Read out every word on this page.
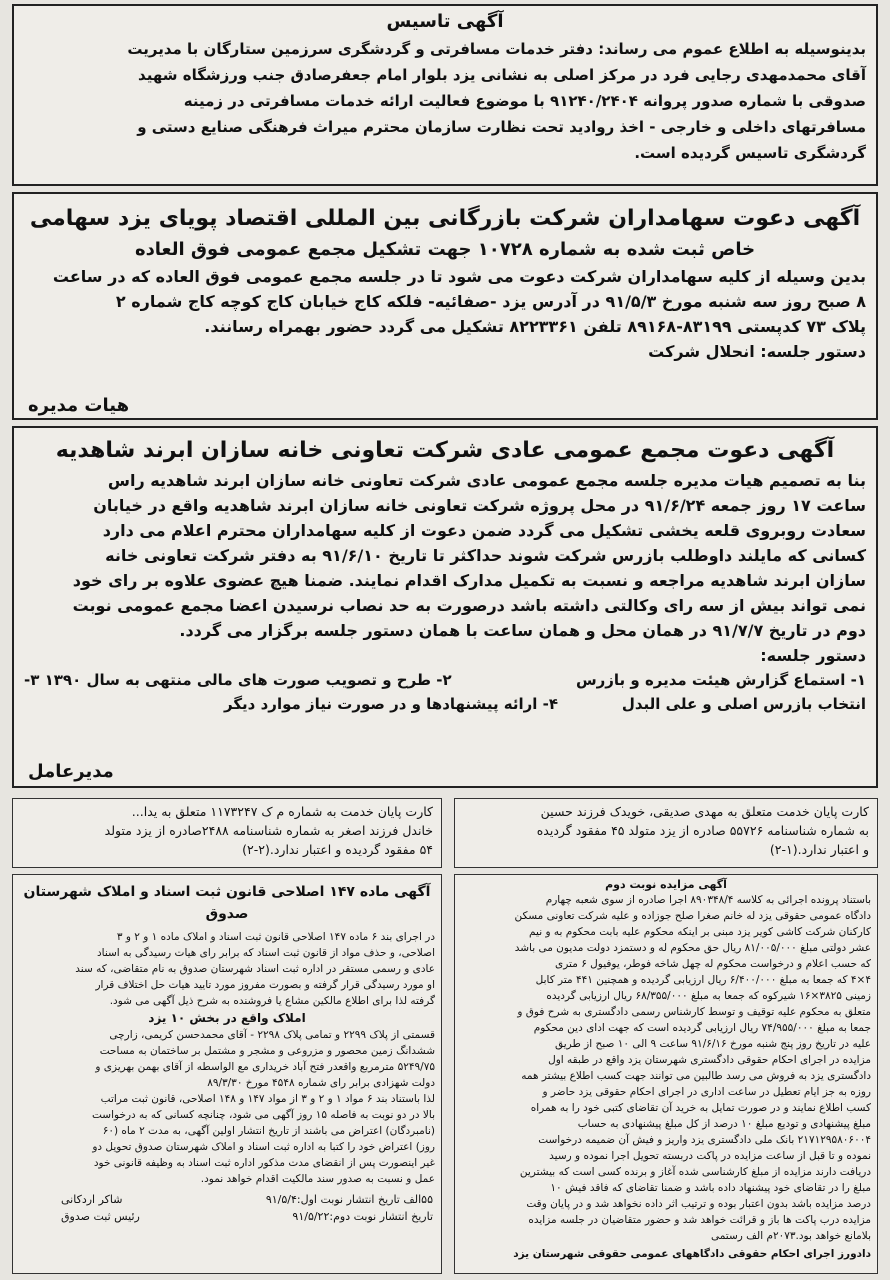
آگهی تاسیس
بدینوسیله به اطلاع عموم می رساند: دفتر خدمات مسافرتی و گردشگری سرزمین ستارگان با مدیریت
آقای محمدمهدی رجایی فرد در مرکز اصلی به نشانی یزد بلوار امام جعفرصادق جنب ورزشگاه شهید
صدوقی با شماره صدور پروانه ۹۱۲۴۰/۲۴۰۴ با موضوع فعالیت ارائه خدمات مسافرتی در زمینه
مسافرتهای داخلی و خارجی - اخذ رواديد تحت نظارت سازمان محترم میراث فرهنگی صنایع دستی و
گردشگری تاسیس گردیده است.
آگهی دعوت سهامداران شرکت بازرگانی بین المللی اقتصاد پویای یزد سهامی
خاص ثبت شده به شماره ۱۰۷۲۸ جهت تشکیل مجمع عمومی فوق العاده
بدین وسیله از کلیه سهامداران شرکت دعوت می شود تا در جلسه مجمع عمومی فوق العاده که در ساعت
۸ صبح روز سه شنبه مورخ ۹۱/۵/۳ در آدرس یزد -صفائیه- فلکه کاج خیابان کاج کوچه کاج شماره ۲
پلاک ۷۳ کدپستی ۸۳۱۹۹-۸۹۱۶۸ تلفن ۸۲۲۳۳۶۱ تشکیل می گردد حضور بهمراه رسانند.
دستور جلسه: انحلال شرکت
هیات مدیره
آگهی دعوت مجمع عمومی عادی شرکت تعاونی خانه سازان ابرند شاهدیه
بنا به تصمیم هیات مدیره جلسه مجمع عمومی عادی شرکت تعاونی خانه سازان ابرند شاهدیه راس
ساعت ۱۷ روز جمعه ۹۱/۶/۲۴ در محل پروژه شرکت تعاونی خانه سازان ابرند شاهدیه واقع در خیابان
سعادت روبروی قلعه یخشی تشکیل می گردد ضمن دعوت از کلیه سهامداران محترم اعلام می دارد
کسانی که مایلند داوطلب بازرس شرکت شوند حداکثر تا تاریخ ۹۱/۶/۱۰ به دفتر شرکت تعاونی خانه
سازان ابرند شاهدیه مراجعه و نسبت به تکمیل مدارک اقدام نمایند. ضمنا هیچ عضوی علاوه بر رای خود
نمی تواند بیش از سه رای وکالتی داشته باشد درصورت به حد نصاب نرسیدن اعضا مجمع عمومی نوبت
دوم در تاریخ ۹۱/۷/۷ در همان محل و همان ساعت با همان دستور جلسه برگزار می گردد.
دستور جلسه:
۱- استماع گزارش هیئت مدیره و بازرس
۲- طرح و تصویب صورت های مالی منتهی به سال ۱۳۹۰ ۳-
انتخاب بازرس اصلی و علی البدل
۴- ارائه پیشنهادها و در صورت نیاز موارد دیگر
مدیرعامل
کارت پایان خدمت متعلق به مهدی صدیقی، خویدک فرزند حسین
به شماره شناسنامه ۵۵۷۲۶ صادره از یزد متولد ۴۵ مفقود گردیده
و اعتبار ندارد.(۱-۲)
کارت پایان خدمت به شماره م ک ۱۱۷۳۲۴۷ متعلق به یدا...
خاندل فرزند اصغر به شماره شناسنامه ۲۴۸۸صادره از یزد متولد
۵۴ مفقود گردیده و اعتبار ندارد.(۲-۲)
آگهی مزایده نوبت دوم
باستناد پرونده اجرائی به کلاسه ۸۹۰۳۴۸/۴ اجرا صادره از سوی شعبه چهارم
دادگاه عمومی حقوقی یزد له خانم صغرا صلح جوزاده و علیه شرکت تعاونی مسکن
کارکنان شرکت کاشی کویر یزد مبنی بر اینکه محکوم علیه بابت محکوم به و نیم
عشر دولتی مبلغ ۸۱/۰۰۵/۰۰۰ ریال حق محکوم له و دستمزد دولت مدیون می باشد
که حسب اعلام و درخواست محکوم له چهل شاخه فوطر، یوفیول ۶ متری
۴×۴ که جمعا به مبلغ ۶/۴۰۰/۰۰۰ ریال ارزیابی گردیده و همچنین ۴۴۱ متر کابل
زمینی ۳۸۲۵×۱۶ شیرکوه که جمعا به مبلغ ۶۸/۳۵۵/۰۰۰ ریال ارزیابی گردیده
متعلق به محکوم علیه توقیف و توسط کارشناس رسمی دادگستری به شرح فوق و
جمعا به مبلغ ۷۴/۹۵۵/۰۰۰ ریال ارزیابی گردیده است که جهت ادای دین محکوم
علیه در تاریخ روز پنج شنبه مورخ ۹۱/۶/۱۶ ساعت ۹ الی ۱۰ صبح از طریق
مزایده در اجرای احکام حقوقی دادگستری شهرستان یزد واقع در طبقه اول
دادگستری یزد به فروش می رسد طالبین می توانند جهت کسب اطلاع بیشتر همه
روزه به جز ایام تعطیل در ساعت اداری در اجرای احکام حقوقی یزد حاضر و
کسب اطلاع نمایند و در صورت تمایل به خرید آن تقاضای کتبی خود را به همراه
مبلغ پیشنهادی و تودیع مبلغ ۱۰ درصد از کل مبلغ پیشنهادی به حساب
۲۱۷۱۲۹۵۸۰۶۰۰۴ بانک ملی دادگستری یزد واریز و فیش آن ضمیمه درخواست
نموده و تا قبل از ساعت مزایده در پاکت دربسته تحویل اجرا نموده و رسید
دریافت دارند مزایده از مبلغ کارشناسی شده آغاز و برنده کسی است که بیشترین
مبلغ را در تقاضای خود پیشنهاد داده باشد و ضمنا تقاضای که فاقد فیش ۱۰
درصد مزایده باشد بدون اعتبار بوده و ترتیب اثر داده نخواهد شد و در پایان وقت
مزایده درب پاکت ها باز و قرائت خواهد شد و حضور متقاضیان در جلسه مزایده
بلامانع خواهد بود.۲۰۷۳م الف رستمی
دادورز اجرای احکام حقوقی دادگاههای عمومی حقوقی شهرستان یزد
آگهی ماده ۱۴۷ اصلاحی قانون ثبت اسناد و املاک شهرستان
صدوق
در اجرای بند ۶ ماده ۱۴۷ اصلاحی قانون ثبت اسناد و املاک ماده ۱ و ۲ و ۳
اصلاحی، و حذف مواد از قانون ثبت اسناد که برابر رای هیات رسیدگی به اسناد
عادی و رسمی مستقر در اداره ثبت اسناد شهرستان صدوق به نام متقاضی، که سند
او مورد رسیدگی قرار گرفته و بصورت مفروز مورد تایید هیات حل اختلاف قرار
گرفته لذا برای اطلاع مالکین مشاع یا فروشنده به شرح ذیل آگهی می شود.
املاک واقع در بخش ۱۰ یزد
قسمتی از پلاک ۲۲۹۹ و تمامی پلاک ۲۲۹۸ - آقای محمدحسن کریمی، زارچی
ششدانگ زمین محصور و مزروعی و مشجر و مشتمل بر ساختمان به مساحت
۵۲۴۹/۷۵ مترمربع واقعدر فتح آباد خریداری مع الواسطه از آقای بهمن بهریزی و
دولت شهزادی برابر رای شماره ۴۵۴۸ مورخ ۸۹/۳/۳۰
لذا باستناد بند ۶ مواد ۱ و ۲ و ۳ از مواد ۱۴۷ و ۱۴۸ اصلاحی، قانون ثبت مراتب
بالا در دو نوبت به فاصله ۱۵ روز آگهی می شود، چنانچه کسانی که به درخواست
(نامبردگان) اعتراض می باشند از تاریخ انتشار اولین آگهی، به مدت ۲ ماه (۶۰
روز) اعتراض خود را کتبا به اداره ثبت اسناد و املاک شهرستان صدوق تحویل دو
غیر اینصورت پس از انقضای مدت مذکور اداره ثبت اسناد به وظیفه قانونی خود
عمل و نسبت به صدور سند مالکیت اقدام خواهد نمود.
۵۵الف تاریخ انتشار نوبت اول:۹۱/۵/۴
شاکر اردکانی
تاریخ انتشار نوبت دوم:۹۱/۵/۲۲
رئیس ثبت صدوق
